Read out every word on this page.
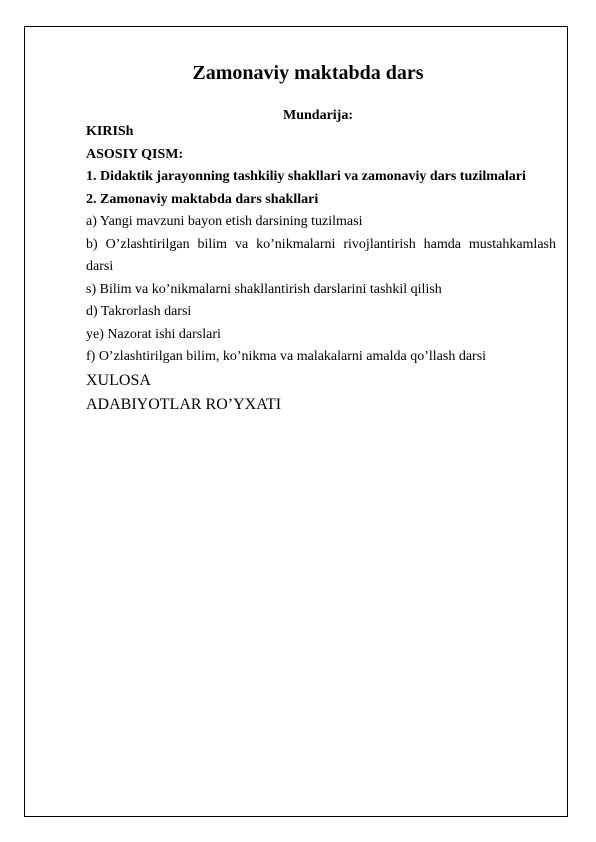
Zamonaviy maktabda dars
Mundarija:
KIRISh
ASOSIY QISM:
1. Didaktik jarayonning tashkiliy shakllari va zamonaviy dars tuzilmalari
2. Zamonaviy maktabda dars shakllari
a) Yangi mavzuni bayon etish darsining tuzilmasi
b) O’zlashtirilgan bilim va ko’nikmalarni rivojlantirish hamda mustahkamlash
darsi
s) Bilim va ko’nikmalarni shakllantirish darslarini tashkil qilish
d) Takrorlash darsi
ye) Nazorat ishi darslari
f) O’zlashtirilgan bilim, ko’nikma va malakalarni amalda qo’llash darsi
XULOSA
ADABIYOTLAR RO’YXATI
